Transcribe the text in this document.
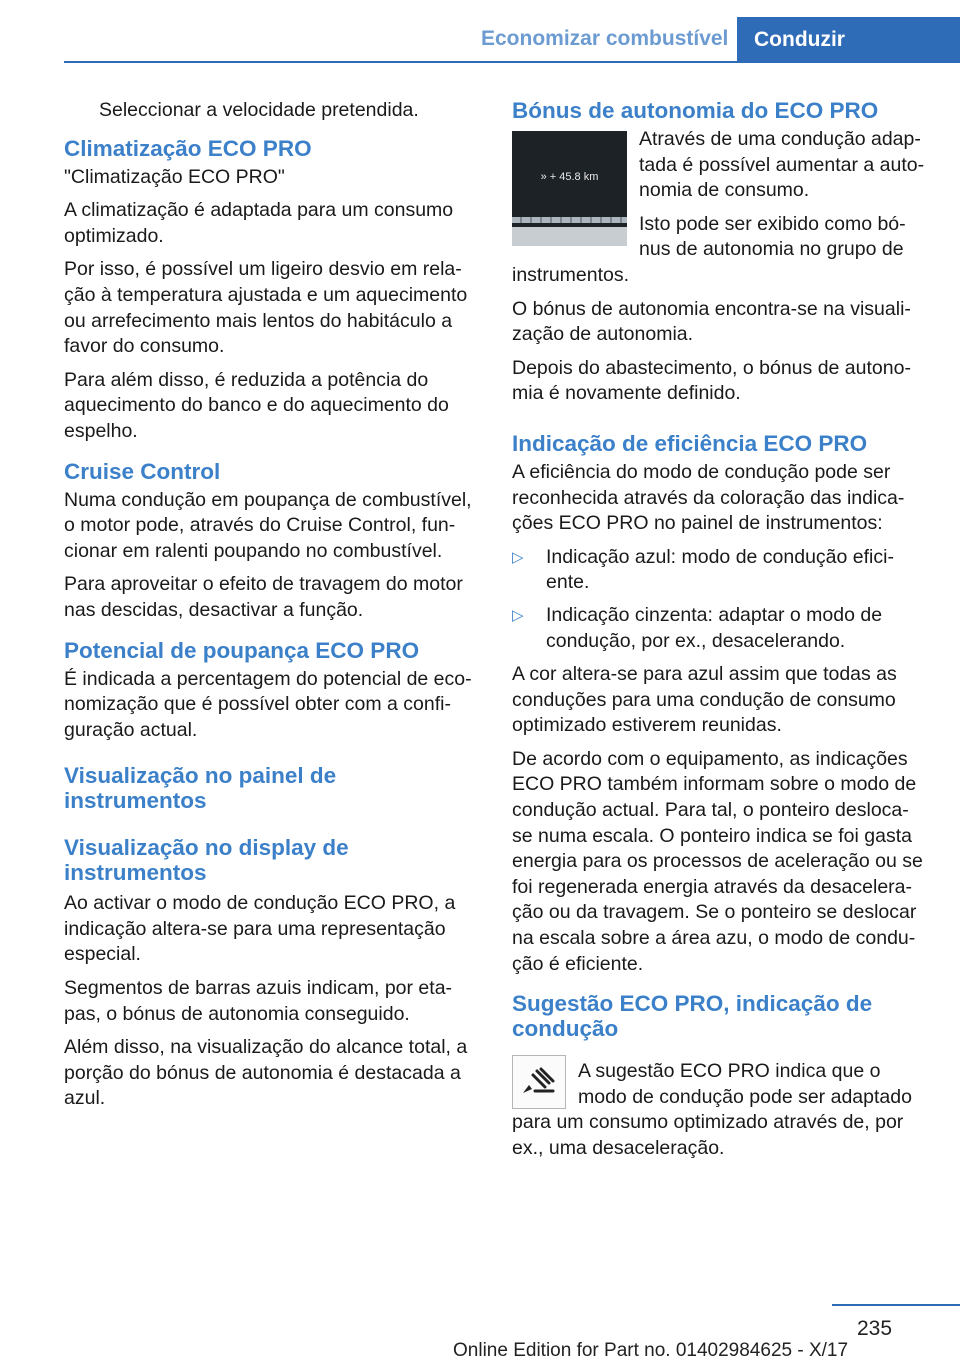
Economizar combustível	Conduzir

Seleccionar a velocidade pretendida.

Climatização ECO PRO

"Climatização ECO PRO"

A climatização é adaptada para um consumo optimizado.

Por isso, é possível um ligeiro desvio em rela‐ção à temperatura ajustada e um aquecimento ou arrefecimento mais lentos do habitáculo a favor do consumo.

Para além disso, é reduzida a potência do aquecimento do banco e do aquecimento do espelho.

Cruise Control

Numa condução em poupança de combustível, o motor pode, através do Cruise Control, fun‐cionar em ralenti poupando no combustível.

Para aproveitar o efeito de travagem do motor nas descidas, desactivar a função.

Potencial de poupança ECO PRO

É indicada a percentagem do potencial de eco‐nomização que é possível obter com a confi‐guração actual.

Visualização no painel de instrumentos
Visualização no display de instrumentos

Ao activar o modo de condução ECO PRO, a indicação altera-se para uma representação especial.

Segmentos de barras azuis indicam, por eta‐pas, o bónus de autonomia conseguido.

Além disso, na visualização do alcance total, a porção do bónus de autonomia é destacada a azul.

Bónus de autonomia do ECO PRO
» + 45.8 km

Através de uma condução adap‐tada é possível aumentar a auto‐nomia de consumo.

Isto pode ser exibido como bó‐nus de autonomia no grupo de instrumentos.

O bónus de autonomia encontra-se na visuali‐zação de autonomia.

Depois do abastecimento, o bónus de autono‐mia é novamente definido.

Indicação de eficiência ECO PRO

A eficiência do modo de condução pode ser reconhecida através da coloração das indica‐ções ECO PRO no painel de instrumentos:

▷ Indicação azul: modo de condução efici‐ente.
▷ Indicação cinzenta: adaptar o modo de condução, por ex., desacelerando.

A cor altera-se para azul assim que todas as conduções para uma condução de consumo optimizado estiverem reunidas.

De acordo com o equipamento, as indicações ECO PRO também informam sobre o modo de condução actual. Para tal, o ponteiro desloca-se numa escala. O ponteiro indica se foi gasta energia para os processos de aceleração ou se foi regenerada energia através da desacelera‐ção ou da travagem. Se o ponteiro se deslocar na escala sobre a área azu, o modo de condu‐ção é eficiente.

Sugestão ECO PRO, indicação de condução

A sugestão ECO PRO indica que o modo de condução pode ser adaptado para um consumo optimizado através de, por ex., uma desaceleração.

235
Online Edition for Part no. 01402984625 - X/17
